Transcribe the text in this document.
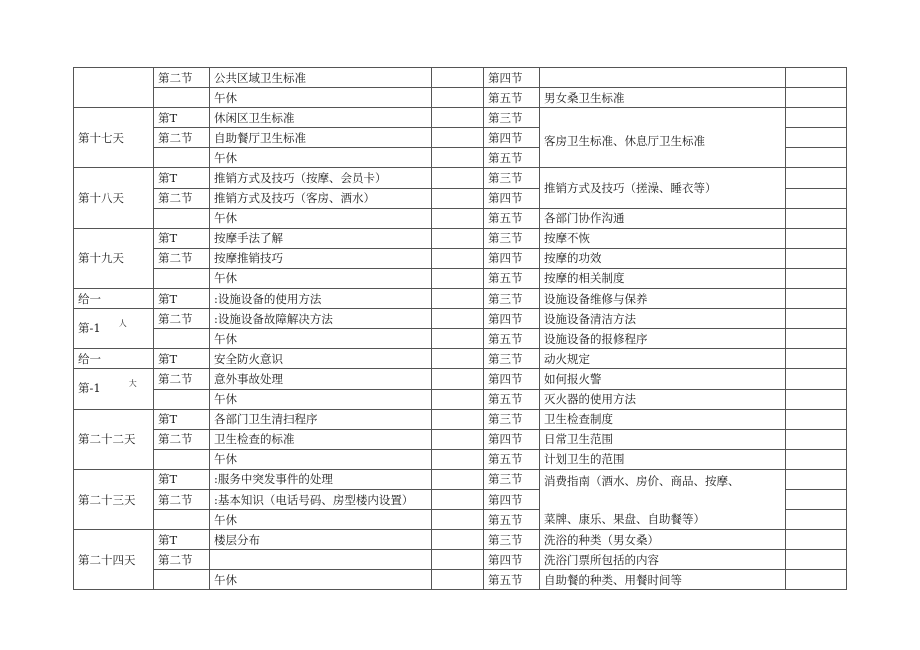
	第二节	公共区域卫生标准		第四节		
		午休		第五节	男女桑卫生标准	
第十七天	第T	休闲区卫生标准		第三节	客房卫生标准、休息厅卫生标准	
	第二节	自助餐厅卫生标准		第四节		
		午休		第五节		
第十八天	第T	推销方式及技巧（按摩、会员卡）		第三节	推销方式及技巧（搓澡、睡衣等）	
	第二节	推销方式及技巧（客房、酒水）		第四节		
		午休		第五节	各部门协作沟通	
第十九天	第T	按摩手法了解		第三节	按摩不恢	
	第二节	按摩推销技巧		第四节	按摩的功效	
		午休		第五节	按摩的相关制度	
给一	第T	:设施设备的使用方法		第三节	设施设备维修与保养	
第-1 $^人$	第二节	:设施设备故障解决方法		第四节	设施设备清洁方法	
		午休		第五节	设施设备的报修程序	
给一	第T	安全防火意识		第三节	动火规定	
第-1 $^大$	第二节	意外事故处理		第四节	如何报火警	
		午休		第五节	灭火器的使用方法	
第二十二天	第T	各部门卫生清扫程序		第三节	卫生检查制度	
	第二节	卫生检查的标准		第四节	日常卫生范围	
		午休		第五节	计划卫生的范围	
第二十三天	第T	:服务中突发事件的处理		第三节	消费指南（酒水、房价、商品、按摩、
菜牌、康乐、果盘、自助餐等）	

	第二节	:基本知识（电话号码、房型楼内设置）		第四节		
		午休		第五节		
第二十四天	第T	楼层分布		第三节	洗浴的种类（男女桑）	
	第二节			第四节	洗浴门票所包括的内容	
		午休		第五节	自助餐的种类、用餐时间等	
